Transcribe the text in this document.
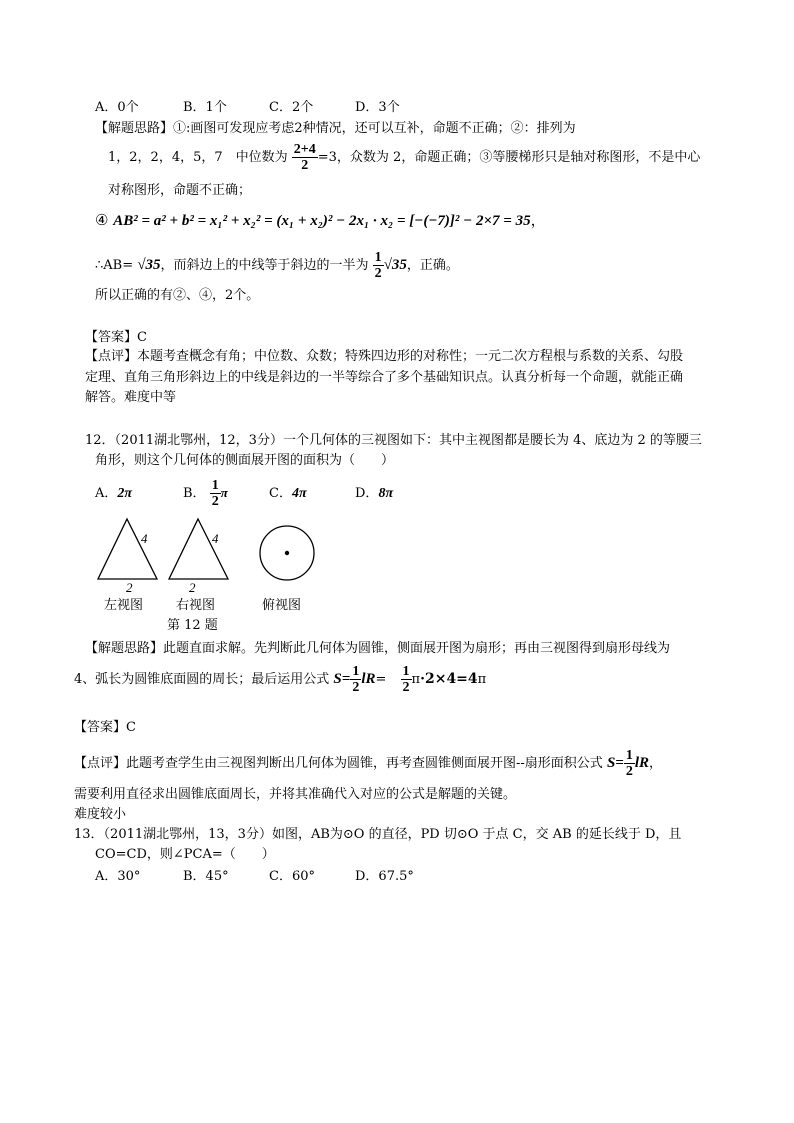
A．0个	B．1个	C．2个	D．3个
【解题思路】①:画图可发现应考虑2种情况，还可以互补，命题不正确；②：排列为
1，2，2，4，5，7　中位数为 $\frac{2+4}{2} =3$，众数为 2，命题正确；③等腰梯形只是轴对称图形，不是中心
对称图形，命题不正确；
④ AB² = a² + b² = x₁² + x₂² = (x₁ + x₂)² − 2x₁ · x₂ = [−(−7)]² − 2×7 = 35，
∴AB= √35，而斜边上的中线等于斜边的一半为 $\frac{1}{2} √35$，正确。
所以正确的有②、④，2个。
【答案】C
【点评】本题考查概念有角；中位数、众数；特殊四边形的对称性；一元二次方程根与系数的关系、勾股
定理、直角三角形斜边上的中线是斜边的一半等综合了多个基础知识点。认真分析每一个命题，就能正确
解答。难度中等
12．（2011湖北鄂州，12，3分）一个几何体的三视图如下：其中主视图都是腰长为 4、底边为 2 的等腰三
角形，则这个几何体的侧面展开图的面积为（　　）
A．2π	B． $\frac{1}{2}$ π	C．4π	D．8π
4	4
2	2
左视图	右视图	俯视图
第 12 题
【解题思路】此题直面求解。先判断此几何体为圆锥，侧面展开图为扇形；再由三视图得到扇形母线为
4、弧长为圆锥底面圆的周长；最后运用公式 $S= \frac{1}{2} lR= \frac{1}{2} \pi\cdot 2\times 4=4\pi$
【答案】C
【点评】此题考查学生由三视图判断出几何体为圆锥，再考查圆锥侧面展开图--扇形面积公式 $S= \frac{1}{2}$ lR，
需要利用直径求出圆锥底面周长，并将其准确代入对应的公式是解题的关键。
难度较小
13．（2011湖北鄂州，13，3分）如图，AB为⊙O 的直径，PD 切⊙O 于点 C，交 AB 的延长线于 D，且
CO=CD，则∠PCA=（　　）
A．30°	B．45°	C．60°	D．67.5°
